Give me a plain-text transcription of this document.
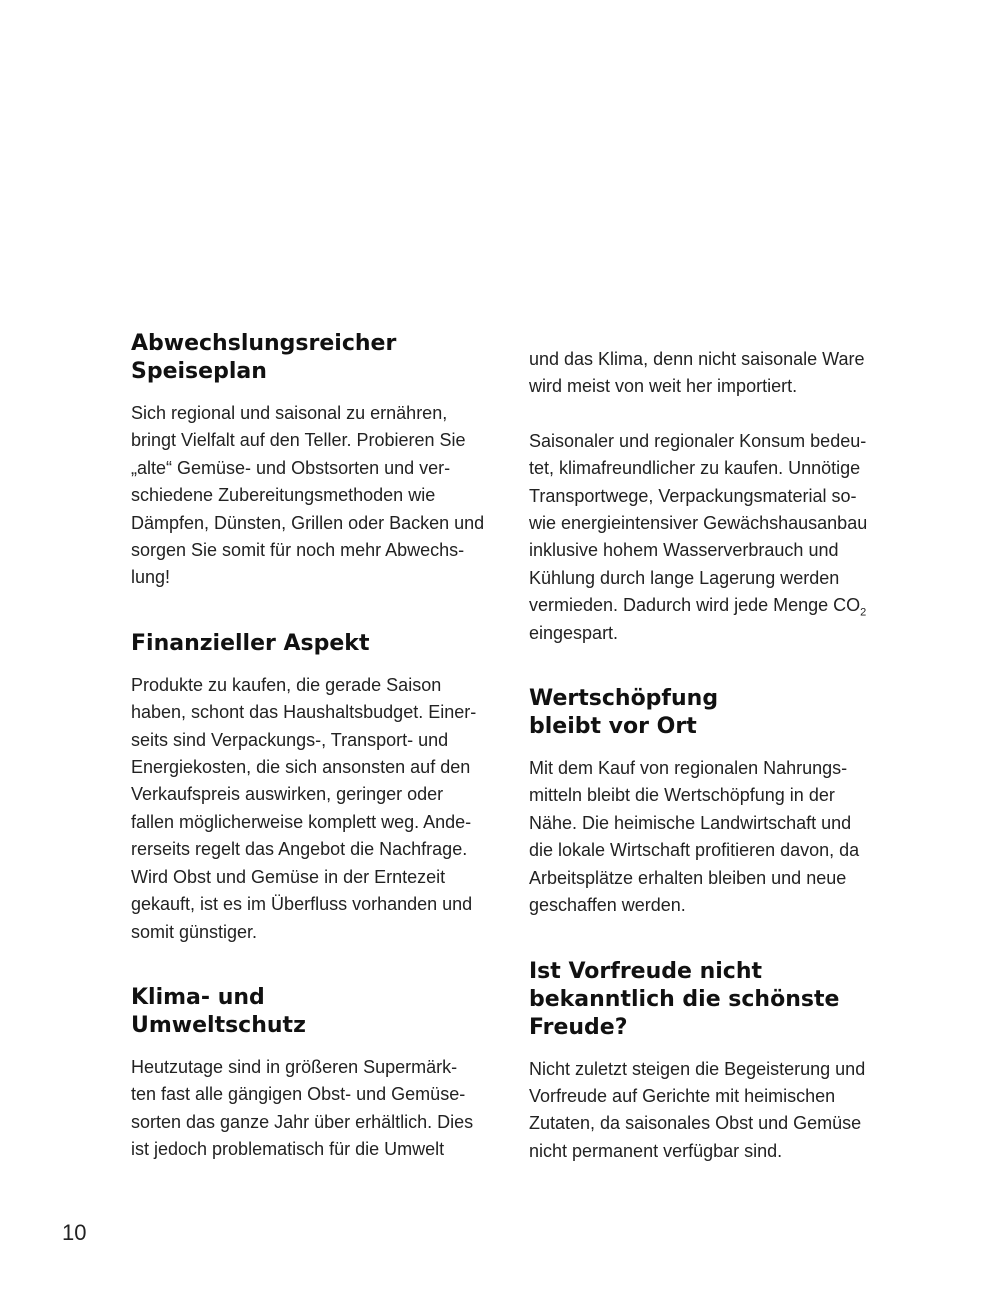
Abwechslungsreicher
Speiseplan

Sich regional und saisonal zu ernähren,
bringt Vielfalt auf den Teller. Probieren Sie
„alte“ Gemüse- und Obstsorten und ver-
schiedene Zubereitungsmethoden wie
Dämpfen, Dünsten, Grillen oder Backen und
sorgen Sie somit für noch mehr Abwechs-
lung!

Finanzieller Aspekt

Produkte zu kaufen, die gerade Saison
haben, schont das Haushaltsbudget. Einer-
seits sind Verpackungs-, Transport- und
Energiekosten, die sich ansonsten auf den
Verkaufspreis auswirken, geringer oder
fallen möglicherweise komplett weg. Ande-
rerseits regelt das Angebot die Nachfrage.
Wird Obst und Gemüse in der Erntezeit
gekauft, ist es im Überfluss vorhanden und
somit günstiger.

Klima- und
Umweltschutz

Heutzutage sind in größeren Supermärk-
ten fast alle gängigen Obst- und Gemüse-
sorten das ganze Jahr über erhältlich. Dies
ist jedoch problematisch für die Umwelt

und das Klima, denn nicht saisonale Ware
wird meist von weit her importiert.

Saisonaler und regionaler Konsum bedeu-
tet, klimafreundlicher zu kaufen. Unnötige
Transportwege, Verpackungsmaterial so-
wie energieintensiver Gewächshausanbau
inklusive hohem Wasserverbrauch und
Kühlung durch lange Lagerung werden
vermieden. Dadurch wird jede Menge $CO_2$
eingespart.

Wertschöpfung
bleibt vor Ort

Mit dem Kauf von regionalen Nahrungs-
mitteln bleibt die Wertschöpfung in der
Nähe. Die heimische Landwirtschaft und
die lokale Wirtschaft profitieren davon, da
Arbeitsplätze erhalten bleiben und neue
geschaffen werden.

Ist Vorfreude nicht
bekanntlich die schönste
Freude?

Nicht zuletzt steigen die Begeisterung und
Vorfreude auf Gerichte mit heimischen
Zutaten, da saisonales Obst und Gemüse
nicht permanent verfügbar sind.

10
